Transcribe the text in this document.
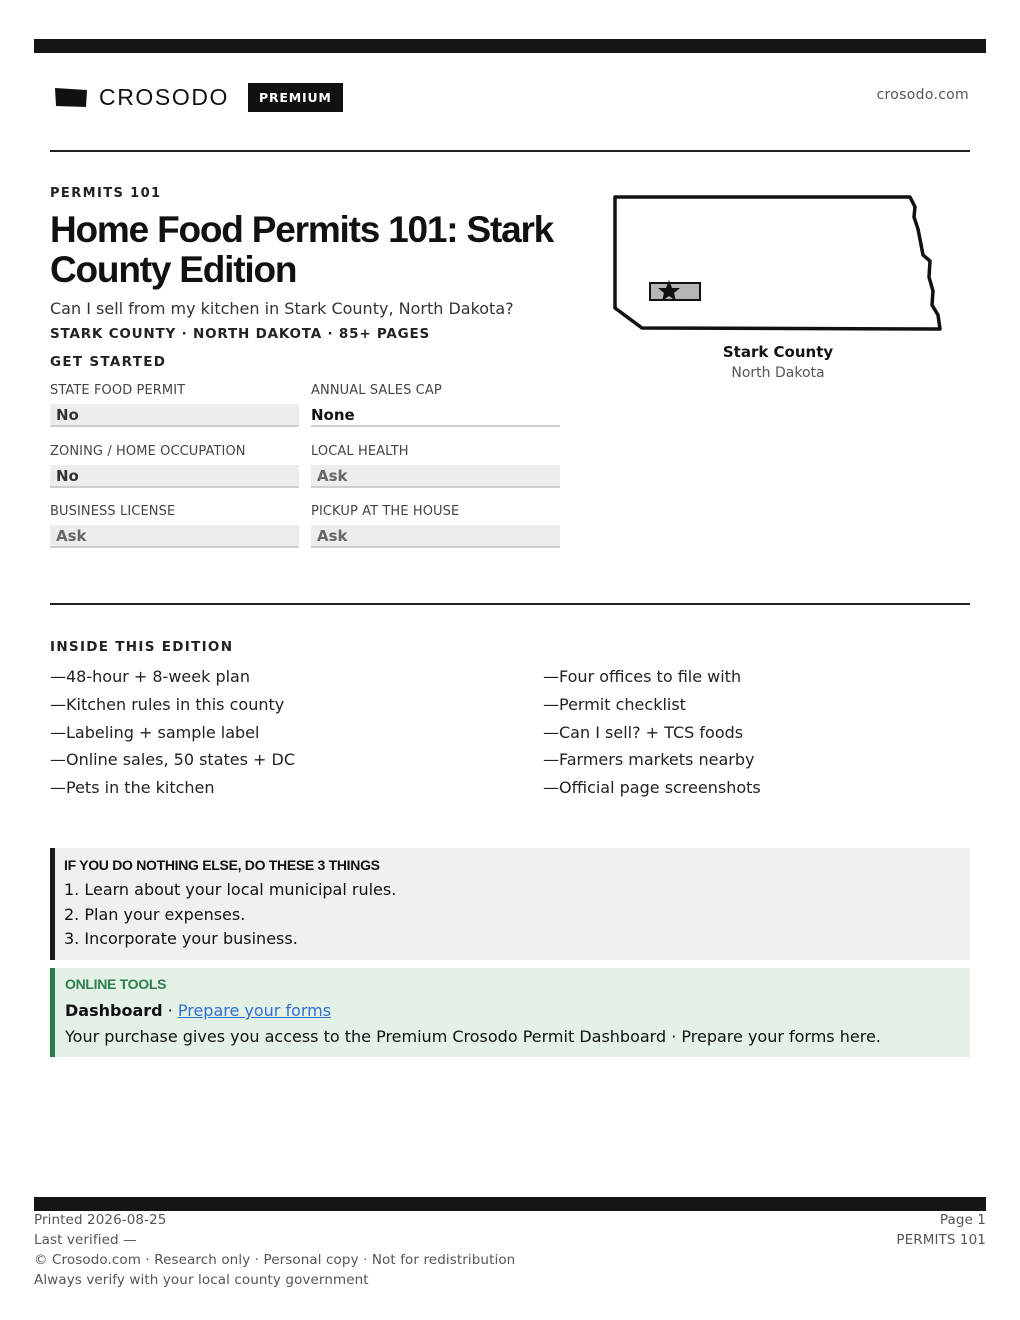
CROSODO	PREMIUM	crosodo.com
PERMITS 101
Home Food Permits 101: Stark County Edition
Can I sell from my kitchen in Stark County, North Dakota?
STARK COUNTY · NORTH DAKOTA · 85+ PAGES
GET STARTED
STATE FOOD PERMIT
No
ANNUAL SALES CAP
None
ZONING / HOME OCCUPATION
No
LOCAL HEALTH
Ask
BUSINESS LICENSE
Ask
PICKUP AT THE HOUSE
Ask
Stark County
North Dakota
INSIDE THIS EDITION
—48-hour + 8-week plan
—Kitchen rules in this county
—Labeling + sample label
—Online sales, 50 states + DC
—Pets in the kitchen
—Four offices to file with
—Permit checklist
—Can I sell? + TCS foods
—Farmers markets nearby
—Official page screenshots
IF YOU DO NOTHING ELSE, DO THESE 3 THINGS
1. Learn about your local municipal rules.
2. Plan your expenses.
3. Incorporate your business.
ONLINE TOOLS
Dashboard · Prepare your forms
Your purchase gives you access to the Premium Crosodo Permit Dashboard · Prepare your forms here.
Printed 2026-08-25
Last verified —
© Crosodo.com · Research only · Personal copy · Not for redistribution
Always verify with your local county government
Page 1
PERMITS 101
